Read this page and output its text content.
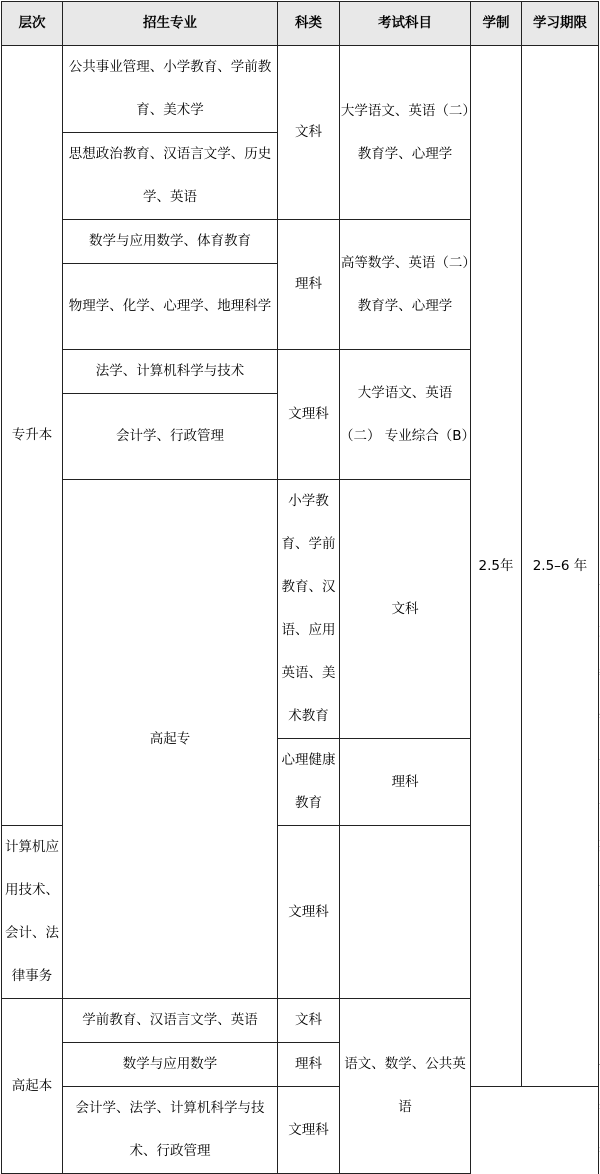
层次	招生专业	科类	考试科目	学制	学习期限	
专升本	公共事业管理、小学教育、学前教育、美术学	文科	大学语文、英语（二）教育学、心理学	2.5年	2.5–6 年	
	思想政治教育、汉语言文学、历史学、英语					
	数学与应用数学、体育教育	理科	高等数学、英语（二）教育学、心理学			
	物理学、化学、心理学、地理科学					
	法学、计算机科学与技术	文理科	大学语文、英语（二） 专业综合（B）			
	会计学、行政管理					
	高起专	小学教育、学前教育、汉语、应用英语、美术教育	文科	
		心理健康教育	理科			
计算机应用技术、会计、法律事务		文理科				
高起本	学前教育、汉语言文学、英语	文科	语文、数学、公共英语		
	数学与应用数学	理科				
	会计学、法学、计算机科学与技术、行政管理	文理科				
